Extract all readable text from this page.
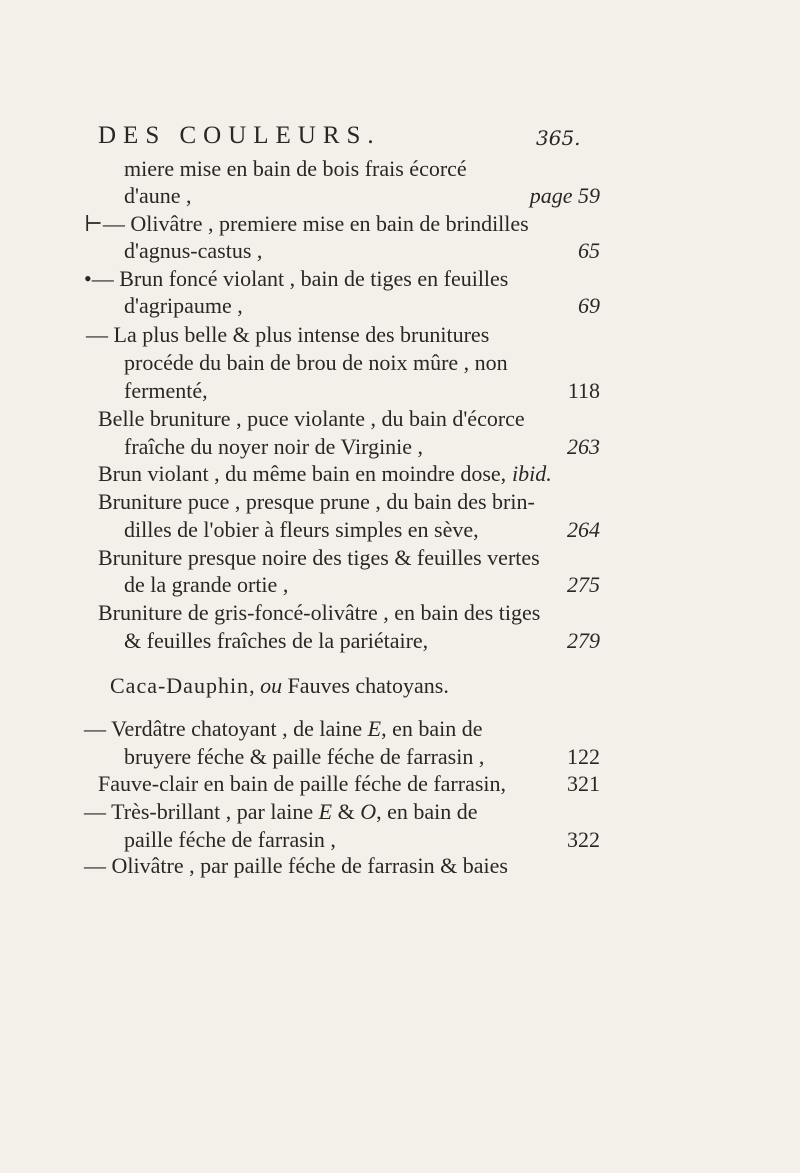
DES COULEURS.	365.
miere mise en bain de bois frais écorcé
d'aune ,	page 59
⊢— Olivâtre , premiere mise en bain de brindilles
d'agnus-castus ,	65
•— Brun foncé violant , bain de tiges en feuilles
d'agripaume ,	69
— La plus belle & plus intense des brunitures
procéde du bain de brou de noix mûre , non
fermenté,	118
Belle bruniture , puce violante , du bain d'écorce
fraîche du noyer noir de Virginie ,	263
Brun violant , du même bain en moindre dose, ibid.
Bruniture puce , presque prune , du bain des brin-
dilles de l'obier à fleurs simples en sève,	264
Bruniture presque noire des tiges & feuilles vertes
de la grande ortie ,	275
Bruniture de gris-foncé-olivâtre , en bain des tiges
& feuilles fraîches de la pariétaire,	279
Caca-Dauphin, ou Fauves chatoyans.
— Verdâtre chatoyant , de laine E, en bain de
bruyere féche & paille féche de farrasin ,	122
Fauve-clair en bain de paille féche de farrasin,	321
— Très-brillant , par laine E & O, en bain de
paille féche de farrasin ,	322
— Olivâtre , par paille féche de farrasin & baies
